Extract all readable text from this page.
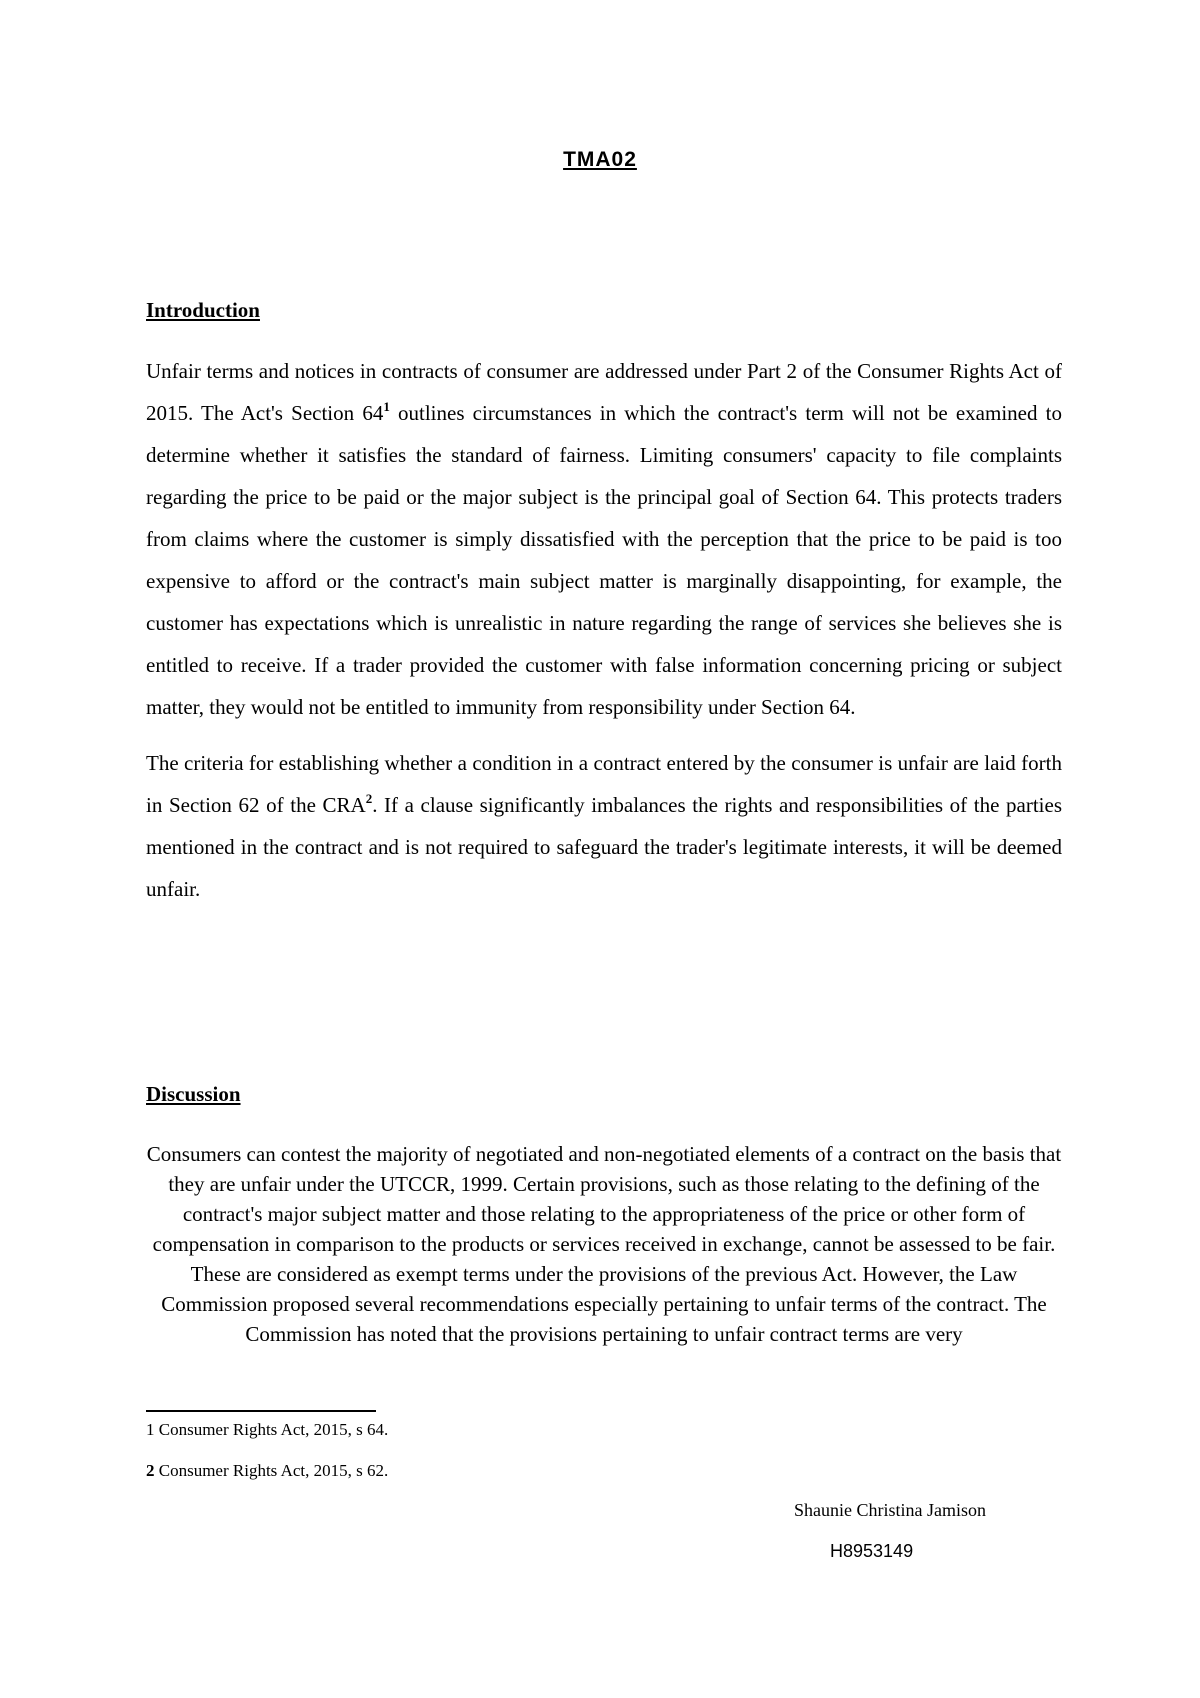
TMA02
Introduction

Unfair terms and notices in contracts of consumer are addressed under Part 2 of the Consumer Rights Act of 2015. The Act's Section $64^1$ outlines circumstances in which the contract's term will not be examined to determine whether it satisfies the standard of fairness. Limiting consumers' capacity to file complaints regarding the price to be paid or the major subject is the principal goal of Section 64. This protects traders from claims where the customer is simply dissatisfied with the perception that the price to be paid is too expensive to afford or the contract's main subject matter is marginally disappointing, for example, the customer has expectations which is unrealistic in nature regarding the range of services she believes she is entitled to receive. If a trader provided the customer with false information concerning pricing or subject matter, they would not be entitled to immunity from responsibility under Section 64.

The criteria for establishing whether a condition in a contract entered by the consumer is unfair are laid forth in Section 62 of the CRA$^2$. If a clause significantly imbalances the rights and responsibilities of the parties mentioned in the contract and is not required to safeguard the trader's legitimate interests, it will be deemed unfair.

Discussion

Consumers can contest the majority of negotiated and non-negotiated elements of a contract on the basis that they are unfair under the UTCCR, 1999. Certain provisions, such as those relating to the defining of the contract's major subject matter and those relating to the appropriateness of the price or other form of compensation in comparison to the products or services received in exchange, cannot be assessed to be fair. These are considered as exempt terms under the provisions of the previous Act. However, the Law Commission proposed several recommendations especially pertaining to unfair terms of the contract. The Commission has noted that the provisions pertaining to unfair contract terms are very

1 Consumer Rights Act, 2015, s 64.

2 Consumer Rights Act, 2015, s 62.

Shaunie Christina Jamison

H8953149
